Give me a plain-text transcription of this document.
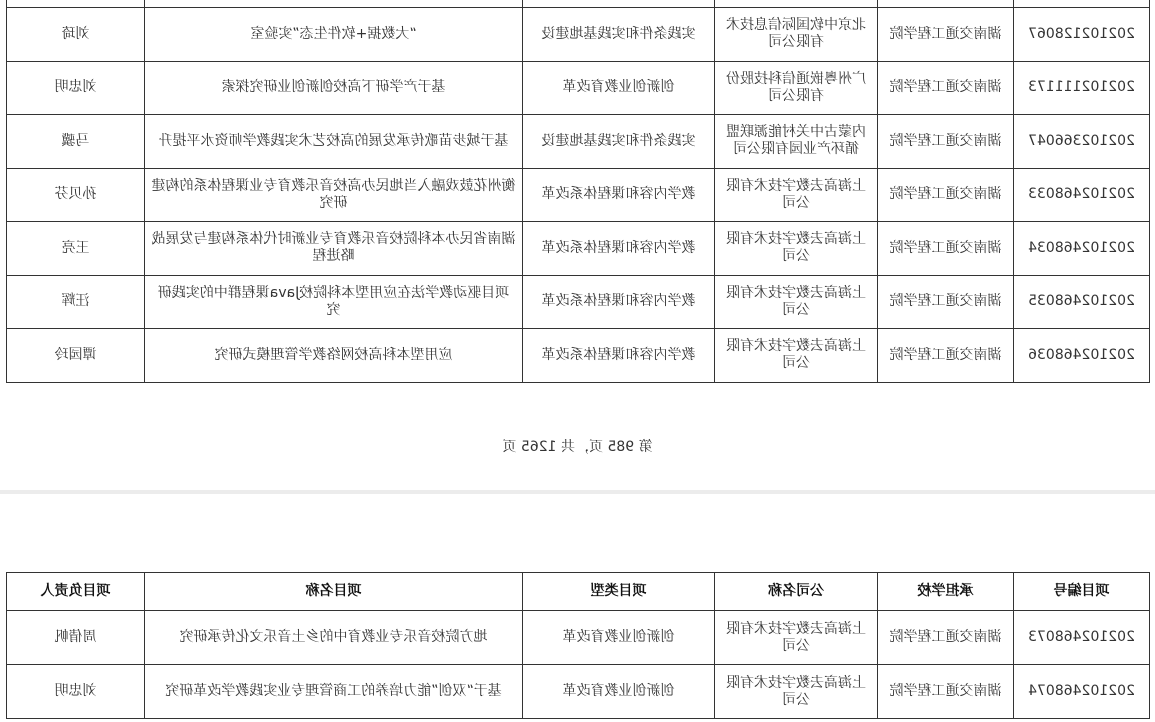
202102128067	湖南交通工程学院	北京中软国际信息技术有限公司	实践条件和实践基地建设	“大数据+软件生态”实验室	刘琦
202102111173	湖南交通工程学院	广州粤嵌通信科技股份有限公司	创新创业教育改革	基于产学研下高校创新创业研究探索	刘忠明
202102366047	湖南交通工程学院	内蒙古中关村能源联盟循环产业园有限公司	实践条件和实践基地建设	基于城步苗歌传承发展的高校艺术实践教学师资水平提升	马骥
202102468033	湖南交通工程学院	上海高去数字技术有限公司	教学内容和课程体系改革	衡州花鼓戏融入当地民办高校音乐教育专业课程体系的构建研究	孙贝芬
202102468034	湖南交通工程学院	上海高去数字技术有限公司	教学内容和课程体系改革	湖南省民办本科院校音乐教育专业新时代体系构建与发展战略进程	王亮
202102468035	湖南交通工程学院	上海高去数字技术有限公司	教学内容和课程体系改革	项目驱动教学法在应用型本科院校Java课程群中的实践研究	汪辉
202102468036	湖南交通工程学院	上海高去数字技术有限公司	教学内容和课程体系改革	应用型本科高校网络教学管理模式研究	谭园玲
第 985 页，共 1265 页
项目编号	承担学校	公司名称	项目类型	项目名称	项目负责人
202102468073	湖南交通工程学院	上海高去数字技术有限公司	创新创业教育改革	地方院校音乐专业教育中的乡土音乐文化传承研究	周倩帆
202102468074	湖南交通工程学院	上海高去数字技术有限公司	创新创业教育改革	基于“双创”能力培养的工商管理专业实践教学改革研究	刘忠明
